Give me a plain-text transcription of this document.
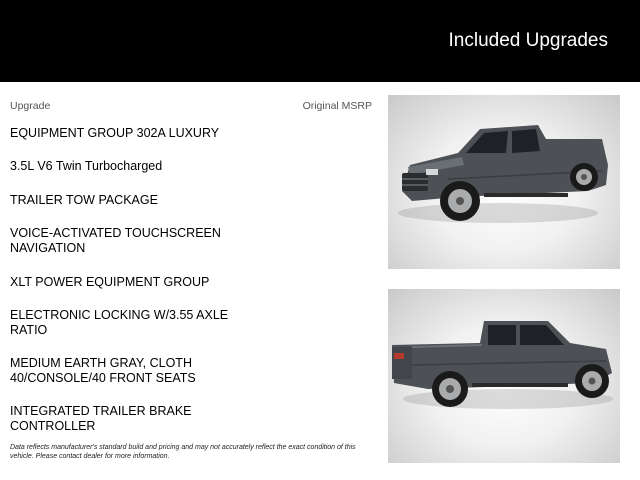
Included Upgrades
Upgrade	Original MSRP
EQUIPMENT GROUP 302A LUXURY
3.5L V6 Twin Turbocharged
TRAILER TOW PACKAGE
VOICE-ACTIVATED TOUCHSCREEN NAVIGATION
XLT POWER EQUIPMENT GROUP
ELECTRONIC LOCKING W/3.55 AXLE RATIO
MEDIUM EARTH GRAY, CLOTH 40/CONSOLE/40 FRONT SEATS
INTEGRATED TRAILER BRAKE CONTROLLER
Data reflects manufacturer's standard build and pricing and may not accurately reflect the exact condition of this vehicle. Please contact dealer for more information.
